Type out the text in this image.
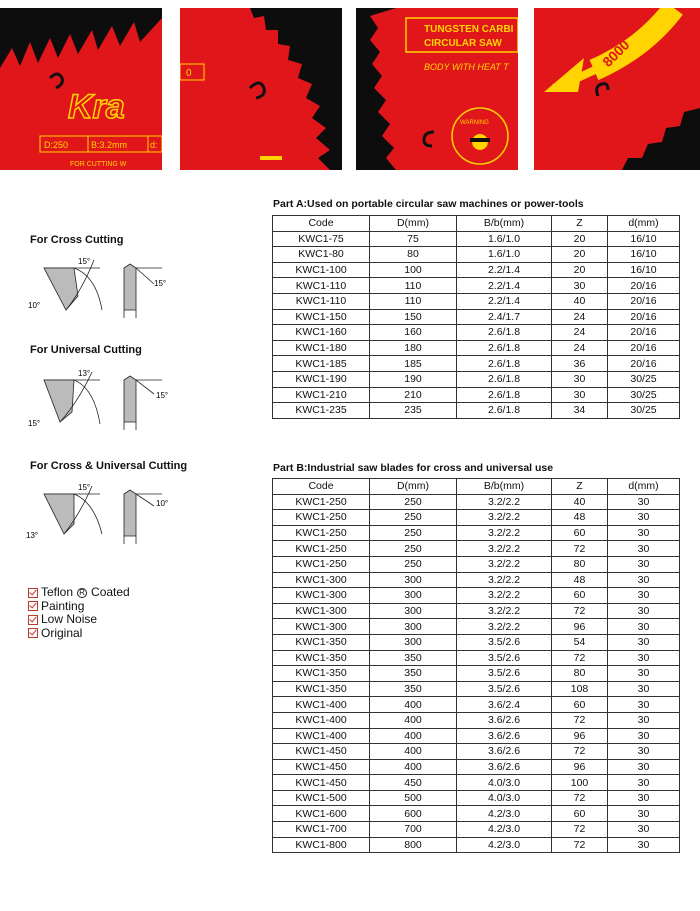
Kra
D:250	B:3.2mm	d:
FOR CUTTING W
0
TUNGSTEN CARBI
CIRCULAR SAW
BODY WITH HEAT T
WARNING
8000
For Cross Cutting
15°
10°
15°
For Universal Cutting
13°
15°
15°
For Cross & Universal Cutting
15°
13°
10°
Teflon R Coated
Painting
Low Noise
Original
Part A:Used on portable circular saw machines or power-tools
Code	D(mm)	B/b(mm)	Z	d(mm)
KWC1-75	75	1.6/1.0	20	16/10
KWC1-80	80	1.6/1.0	20	16/10
KWC1-100	100	2.2/1.4	20	16/10
KWC1-110	110	2.2/1.4	30	20/16
KWC1-110	110	2.2/1.4	40	20/16
KWC1-150	150	2.4/1.7	24	20/16
KWC1-160	160	2.6/1.8	24	20/16
KWC1-180	180	2.6/1.8	24	20/16
KWC1-185	185	2.6/1.8	36	20/16
KWC1-190	190	2.6/1.8	30	30/25
KWC1-210	210	2.6/1.8	30	30/25
KWC1-235	235	2.6/1.8	34	30/25
Part B:Industrial saw blades for cross and universal use
Code	D(mm)	B/b(mm)	Z	d(mm)
KWC1-250	250	3.2/2.2	40	30
KWC1-250	250	3.2/2.2	48	30
KWC1-250	250	3.2/2.2	60	30
KWC1-250	250	3.2/2.2	72	30
KWC1-250	250	3.2/2.2	80	30
KWC1-300	300	3.2/2.2	48	30
KWC1-300	300	3.2/2.2	60	30
KWC1-300	300	3.2/2.2	72	30
KWC1-300	300	3.2/2.2	96	30
KWC1-350	300	3.5/2.6	54	30
KWC1-350	350	3.5/2.6	72	30
KWC1-350	350	3.5/2.6	80	30
KWC1-350	350	3.5/2.6	108	30
KWC1-400	400	3.6/2.4	60	30
KWC1-400	400	3.6/2.6	72	30
KWC1-400	400	3.6/2.6	96	30
KWC1-450	400	3.6/2.6	72	30
KWC1-450	400	3.6/2.6	96	30
KWC1-450	450	4.0/3.0	100	30
KWC1-500	500	4.0/3.0	72	30
KWC1-600	600	4.2/3.0	60	30
KWC1-700	700	4.2/3.0	72	30
KWC1-800	800	4.2/3.0	72	30
